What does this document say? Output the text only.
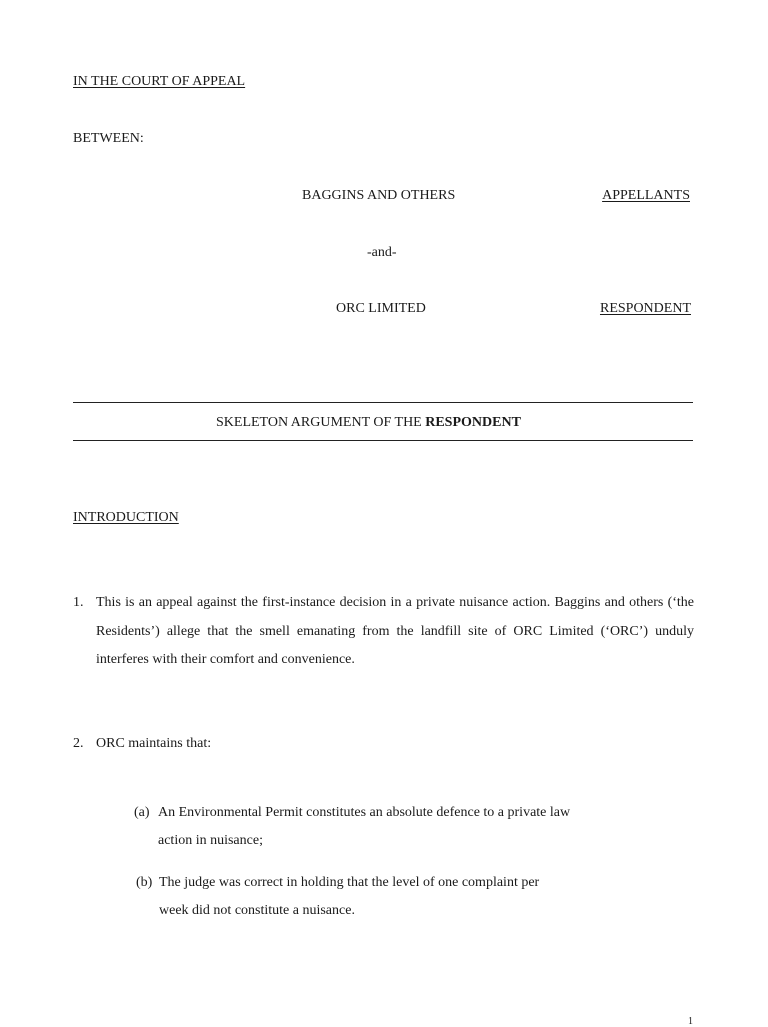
IN THE COURT OF APPEAL
BETWEEN:
BAGGINS AND OTHERS	APPELLANTS
-and-
ORC LIMITED	RESPONDENT
SKELETON ARGUMENT OF THE RESPONDENT
INTRODUCTION
1. This is an appeal against the first-instance decision in a private nuisance action. Baggins and others (‘the Residents’) allege that the smell emanating from the landfill site of ORC Limited (‘ORC’) unduly interferes with their comfort and convenience.
2. ORC maintains that:
(a) An Environmental Permit constitutes an absolute defence to a private law
action in nuisance;
(b) The judge was correct in holding that the level of one complaint per
week did not constitute a nuisance.
1
